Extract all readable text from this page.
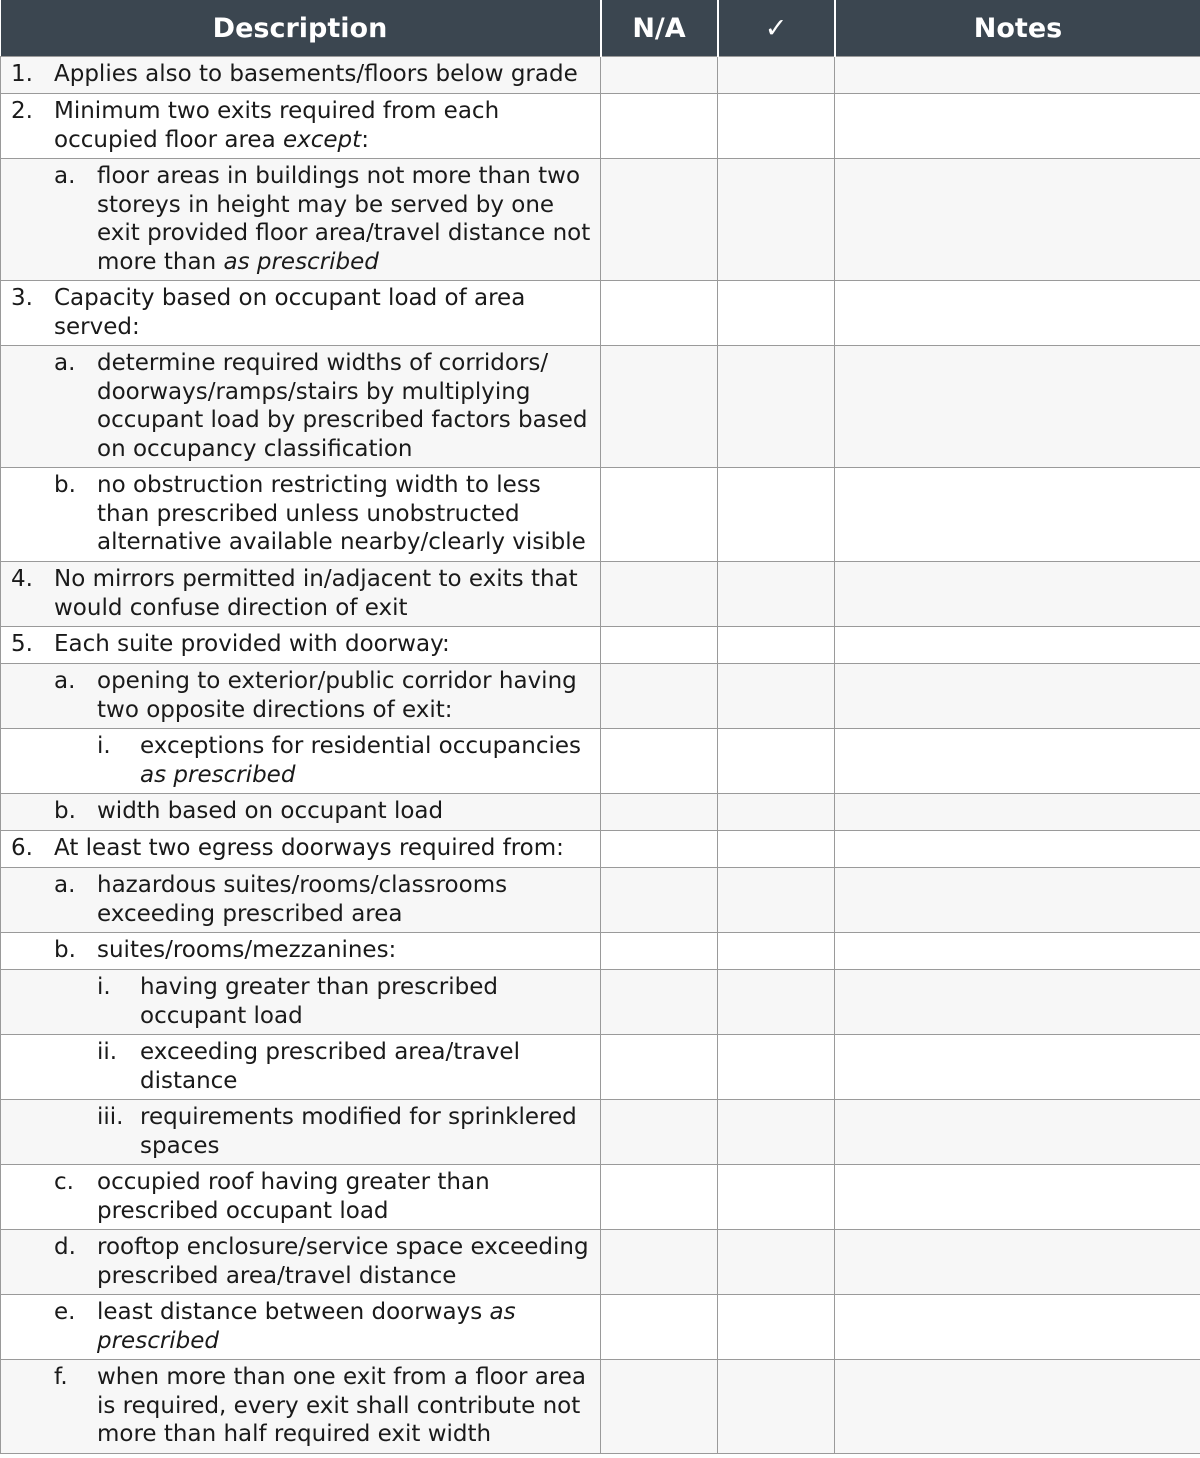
Description	N/A	✓	Notes

1. Applies also to basements/floors below grade			

2. Minimum two exits required from each occupied floor area except:			

a. floor areas in buildings not more than two storeys in height may be served by one exit provided floor area/travel distance not more than as prescribed			

3. Capacity based on occupant load of area served:			

a. determine required widths of corridors/ doorways/ramps/stairs by multiplying occupant load by prescribed factors based on occupancy classification			

b. no obstruction restricting width to less than prescribed unless unobstructed alternative available nearby/clearly visible			

4. No mirrors permitted in/adjacent to exits that would confuse direction of exit			

5. Each suite provided with doorway:			

a. opening to exterior/public corridor having two opposite directions of exit:			

i. exceptions for residential occupancies as prescribed			

b. width based on occupant load			

6. At least two egress doorways required from:			

a. hazardous suites/rooms/classrooms exceeding prescribed area			

b. suites/rooms/mezzanines:			

i. having greater than prescribed occupant load			

ii. exceeding prescribed area/travel distance			

iii. requirements modified for sprinklered spaces			

c. occupied roof having greater than prescribed occupant load			

d. rooftop enclosure/service space exceeding prescribed area/travel distance			

e. least distance between doorways as prescribed			

f. when more than one exit from a floor area is required, every exit shall contribute not more than half required exit width			
